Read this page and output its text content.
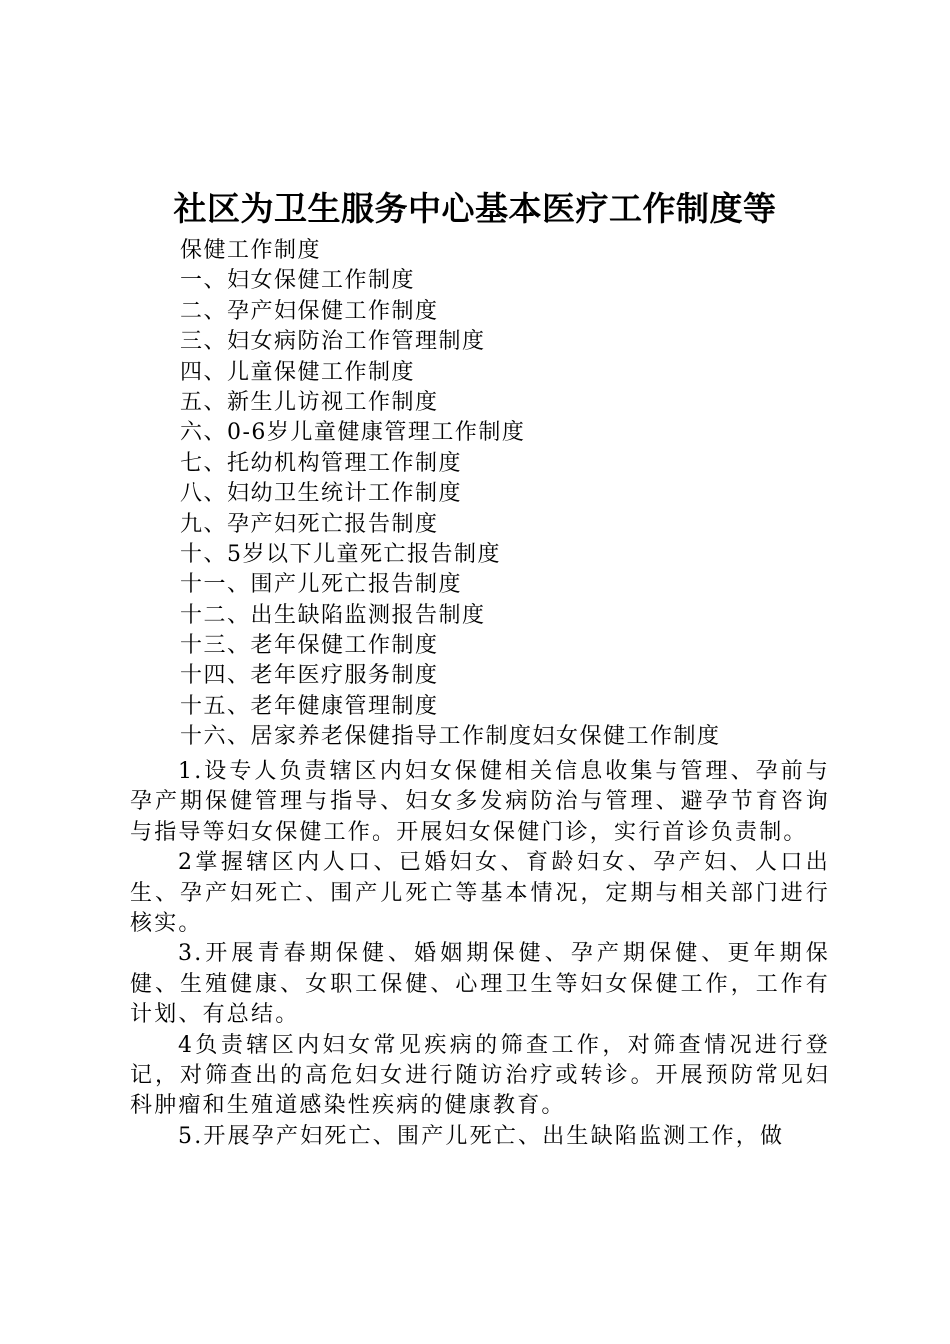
社区为卫生服务中心基本医疗工作制度等
保健工作制度
一、妇女保健工作制度
二、孕产妇保健工作制度
三、妇女病防治工作管理制度
四、儿童保健工作制度
五、新生儿访视工作制度
六、0-6岁儿童健康管理工作制度
七、托幼机构管理工作制度
八、妇幼卫生统计工作制度
九、孕产妇死亡报告制度
十、5岁以下儿童死亡报告制度
十一、围产儿死亡报告制度
十二、出生缺陷监测报告制度
十三、老年保健工作制度
十四、老年医疗服务制度
十五、老年健康管理制度
十六、居家养老保健指导工作制度妇女保健工作制度

1.设专人负责辖区内妇女保健相关信息收集与管理、孕前与孕产期保健管理与指导、妇女多发病防治与管理、避孕节育咨询与指导等妇女保健工作。开展妇女保健门诊，实行首诊负责制。

2掌握辖区内人口、已婚妇女、育龄妇女、孕产妇、人口出生、孕产妇死亡、围产儿死亡等基本情况，定期与相关部门进行核实。

3.开展青春期保健、婚姻期保健、孕产期保健、更年期保健、生殖健康、女职工保健、心理卫生等妇女保健工作，工作有计划、有总结。

4负责辖区内妇女常见疾病的筛查工作，对筛查情况进行登记，对筛查出的高危妇女进行随访治疗或转诊。开展预防常见妇科肿瘤和生殖道感染性疾病的健康教育。

5.开展孕产妇死亡、围产儿死亡、出生缺陷监测工作，做
